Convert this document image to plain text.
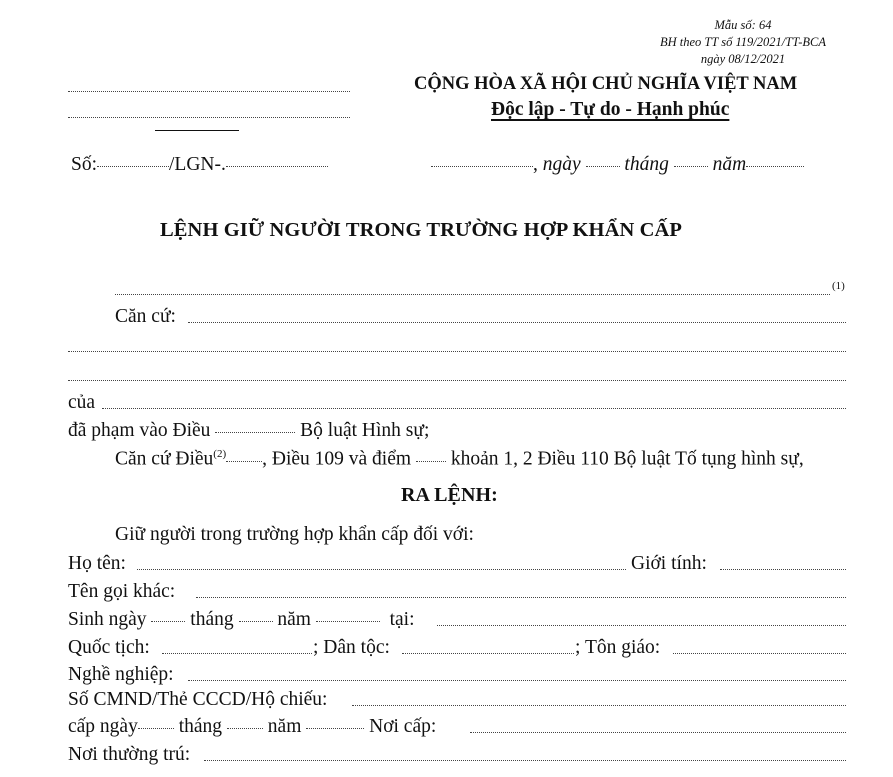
Mẫu số: 64
BH theo TT số 119/2021/TT-BCA
ngày 08/12/2021
CỘNG HÒA XÃ HỘI CHỦ NGHĨA VIỆT NAM
Độc lập - Tự do - Hạnh phúc
Số:	/LGN-.	, ngày tháng năm
LỆNH GIỮ NGƯỜI TRONG TRƯỜNG HỢP KHẨN CẤP
(1)
Căn cứ:
của
đã phạm vào Điều	Bộ luật Hình sự;
Căn cứ Điều$^{(2)}$ , Điều 109 và điểm khoản 1, 2 Điều 110 Bộ luật Tố tụng hình sự,
RA LỆNH:
Giữ người trong trường hợp khẩn cấp đối với:
Họ tên:	Giới tính:
Tên gọi khác:
Sinh ngày tháng năm	tại:
Quốc tịch:	; Dân tộc:	; Tôn giáo:
Nghề nghiệp:
Số CMND/Thẻ CCCD/Hộ chiếu:
cấp ngày tháng năm	Nơi cấp:
Nơi thường trú:
